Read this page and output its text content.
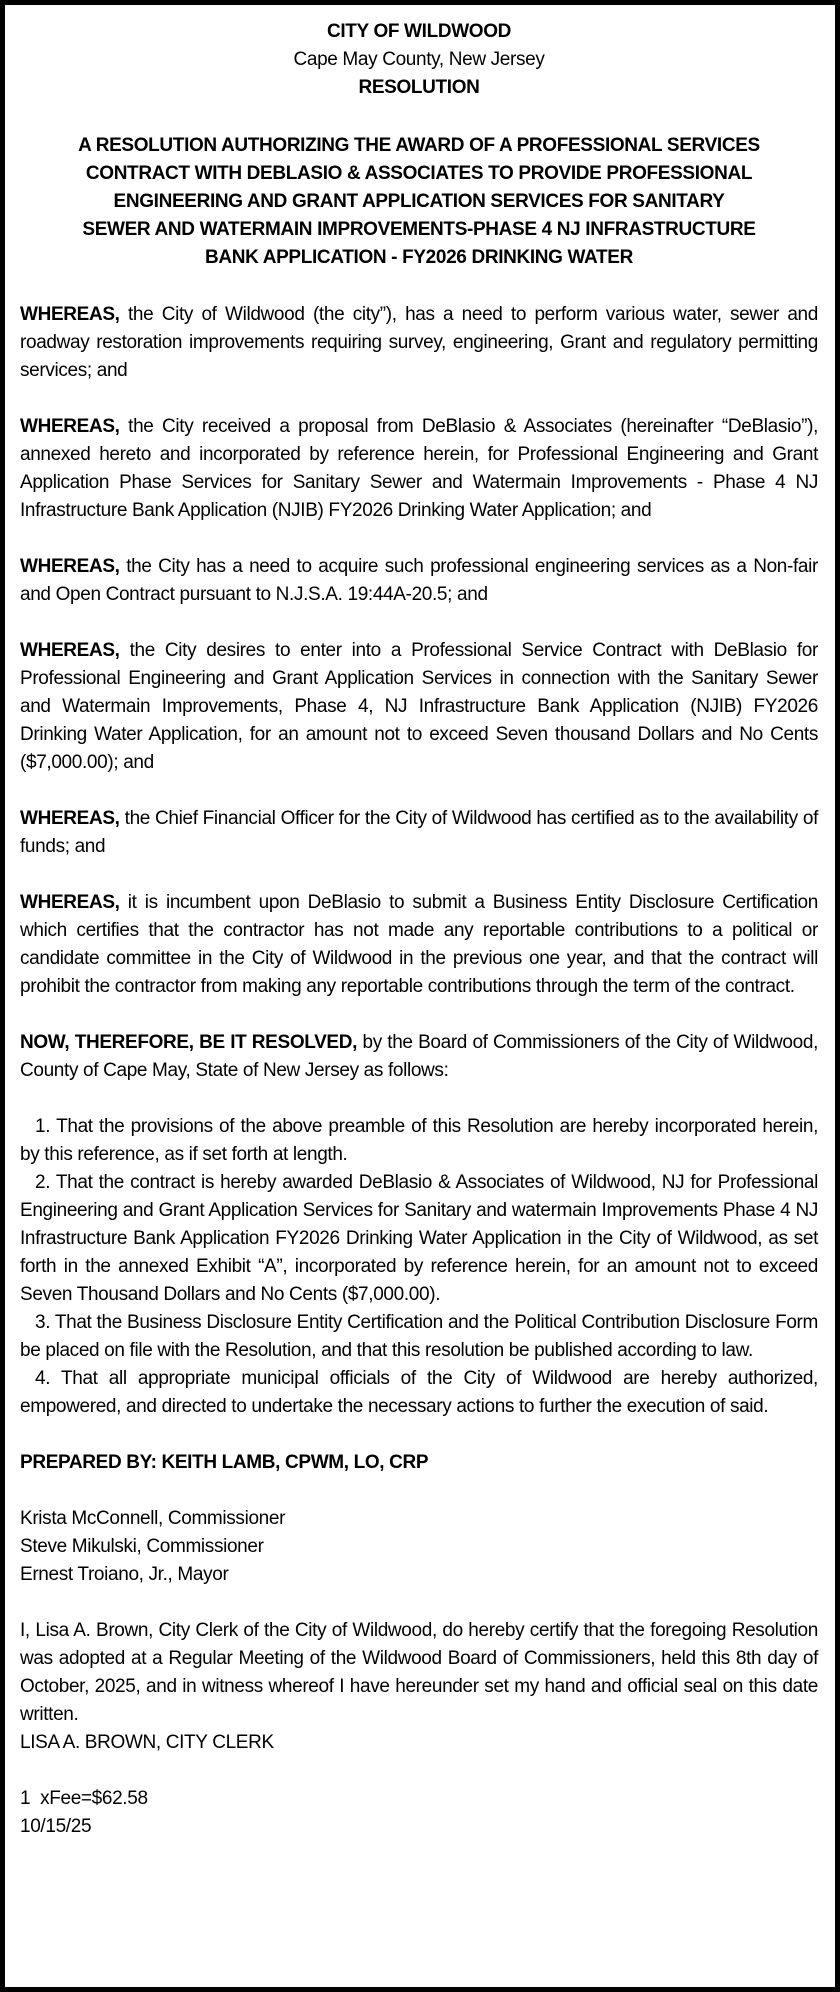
CITY OF WILDWOOD
Cape May County, New Jersey
RESOLUTION
A RESOLUTION AUTHORIZING THE AWARD OF A PROFESSIONAL SERVICES
CONTRACT WITH DEBLASIO & ASSOCIATES TO PROVIDE PROFESSIONAL
ENGINEERING AND GRANT APPLICATION SERVICES FOR SANITARY
SEWER AND WATERMAIN IMPROVEMENTS-PHASE 4 NJ INFRASTRUCTURE
BANK APPLICATION - FY2026 DRINKING WATER

WHEREAS, the City of Wildwood (the city”), has a need to perform various water, sewer and roadway restoration improvements requiring survey, engineering, Grant and regulatory permitting services; and

WHEREAS, the City received a proposal from DeBlasio & Associates (hereinafter “DeBlasio”), annexed hereto and incorporated by reference herein, for Professional Engineering and Grant Application Phase Services for Sanitary Sewer and Watermain Improvements - Phase 4 NJ Infrastructure Bank Application (NJIB) FY2026 Drinking Water Application; and

WHEREAS, the City has a need to acquire such professional engineering services as a Non-fair and Open Contract pursuant to N.J.S.A. 19:44A-20.5; and

WHEREAS, the City desires to enter into a Professional Service Contract with DeBlasio for Professional Engineering and Grant Application Services in connection with the Sanitary Sewer and Watermain Improvements, Phase 4, NJ Infrastructure Bank Application (NJIB) FY2026 Drinking Water Application, for an amount not to exceed Seven thousand Dollars and No Cents ($7,000.00); and

WHEREAS, the Chief Financial Officer for the City of Wildwood has certified as to the availability of funds; and

WHEREAS, it is incumbent upon DeBlasio to submit a Business Entity Disclosure Certification which certifies that the contractor has not made any reportable contributions to a political or candidate committee in the City of Wildwood in the previous one year, and that the contract will prohibit the contractor from making any reportable contributions through the term of the contract.

NOW, THEREFORE, BE IT RESOLVED, by the Board of Commissioners of the City of Wildwood, County of Cape May, State of New Jersey as follows:

1. That the provisions of the above preamble of this Resolution are hereby incorporated herein, by this reference, as if set forth at length.

2. That the contract is hereby awarded DeBlasio & Associates of Wildwood, NJ for Professional Engineering and Grant Application Services for Sanitary and watermain Improvements Phase 4 NJ Infrastructure Bank Application FY2026 Drinking Water Application in the City of Wildwood, as set forth in the annexed Exhibit “A”, incorporated by reference herein, for an amount not to exceed Seven Thousand Dollars and No Cents ($7,000.00).

3. That the Business Disclosure Entity Certification and the Political Contribution Disclosure Form be placed on file with the Resolution, and that this resolution be published according to law.

4. That all appropriate municipal officials of the City of Wildwood are hereby authorized, empowered, and directed to undertake the necessary actions to further the execution of said.

PREPARED BY: KEITH LAMB, CPWM, LO, CRP
Krista McConnell, Commissioner
Steve Mikulski, Commissioner
Ernest Troiano, Jr., Mayor

I, Lisa A. Brown, City Clerk of the City of Wildwood, do hereby certify that the foregoing Resolution was adopted at a Regular Meeting of the Wildwood Board of Commissioners, held this 8th day of October, 2025, and in witness whereof I have hereunder set my hand and official seal on this date written.

LISA A. BROWN, CITY CLERK
1  xFee=$62.58
10/15/25
